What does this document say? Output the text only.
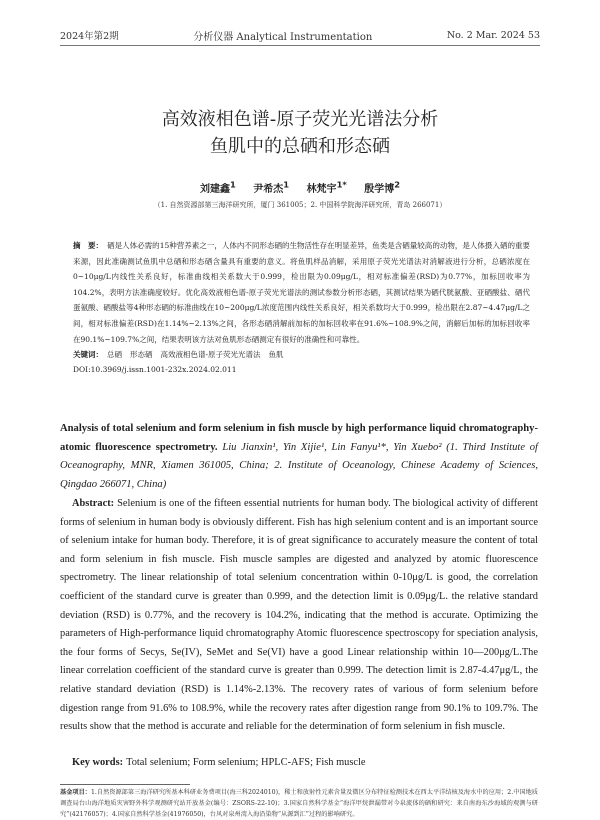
2024年第2期	分析仪器 Analytical Instrumentation	No. 2 Mar. 2024 53
高效液相色谱-原子荧光光谱法分析
鱼肌中的总硒和形态硒
刘建鑫$^1$ 尹希杰$^1$ 林梵宇$^{1*}$ 殷学博$^2$
（1. 自然资源部第三海洋研究所，厦门 361005；2. 中国科学院海洋研究所，青岛 266071）

摘　要： 硒是人体必需的15种营养素之一，人体内不同形态硒的生物活性存在明显差异，鱼类是含硒量较高的动物，是人体摄入硒的重要来源，因此准确测试鱼肌中总硒和形态硒含量具有重要的意义。将鱼肌样品消解，采用原子荧光光谱法对消解液进行分析，总硒浓度在0~10μg/L内线性关系良好，标准曲线相关系数大于0.999，检出限为0.09μg/L，相对标准偏差(RSD)为0.77%，加标回收率为104.2%，表明方法准确度较好。优化高效液相色谱-原子荧光光谱法的测试参数分析形态硒，其测试结果为硒代胱氨酸、亚硒酸盐、硒代蛋氨酸、硒酸盐等4种形态硒的标准曲线在10~200μg/L浓度范围内线性关系良好，相关系数均大于0.999，检出限在2.87~4.47μg/L之间，相对标准偏差(RSD)在1.14%~2.13%之间，各形态硒消解前加标的加标回收率在91.6%~108.9%之间，消解后加标的加标回收率在90.1%~109.7%之间，结果表明该方法对鱼肌形态硒测定有很好的准确性和可靠性。

关键词： 总硒 形态硒 高效液相色谱-原子荧光光谱法 鱼肌

DOI:10.3969/j.issn.1001-232x.2024.02.011

Analysis of total selenium and form selenium in fish muscle by high performance liquid chromatography-atomic fluorescence spectrometry. Liu Jianxin¹, Yin Xijie¹, Lin Fanyu¹*, Yin Xuebo² (1. Third Institute of Oceanography, MNR, Xiamen 361005, China; 2. Institute of Oceanology, Chinese Academy of Sciences, Qingdao 266071, China)

Abstract: Selenium is one of the fifteen essential nutrients for human body. The biological activity of different forms of selenium in human body is obviously different. Fish has high selenium content and is an important source of selenium intake for human body. Therefore, it is of great significance to accurately measure the content of total and form selenium in fish muscle. Fish muscle samples are digested and analyzed by atomic fluorescence spectrometry. The linear relationship of total selenium concentration within 0-10μg/L is good, the correlation coefficient of the standard curve is greater than 0.999, and the detection limit is 0.09μg/L. the relative standard deviation (RSD) is 0.77%, and the recovery is 104.2%, indicating that the method is accurate. Optimizing the parameters of High-performance liquid chromatography Atomic fluorescence spectroscopy for speciation analysis, the four forms of Secys, Se(IV), SeMet and Se(VI) have a good Linear relationship within 10—200μg/L.The linear correlation coefficient of the standard curve is greater than 0.999. The detection limit is 2.87-4.47μg/L, the relative standard deviation (RSD) is 1.14%-2.13%. The recovery rates of various of form selenium before digestion range from 91.6% to 108.9%, while the recovery rates after digestion range from 90.1% to 109.7%. The results show that the method is accurate and reliable for the determination of form selenium in fish muscle.

Key words: Total selenium; Form selenium; HPLC-AFS; Fish muscle

基金项目：1.自然资源部第三海洋研究所基本科研业务费项目(海三科2024010)，稀土和放射性元素含量及微区分布特征检测技术在西太平洋结核及海水中的应用；2.中国地质调查局台山海洋地质灾害野外科学观测研究站开放基金(编号：ZSORS-22-10)；3.国家自然科学基金“海洋甲烷泄漏带对今泉流体的硒和研究：来自南海东沙海域的观测与研究”(42176057)；4.国家自然科学基金(41976050)，台风对泉州湾入海沿染物“从源到汇”过程的影响研究。
